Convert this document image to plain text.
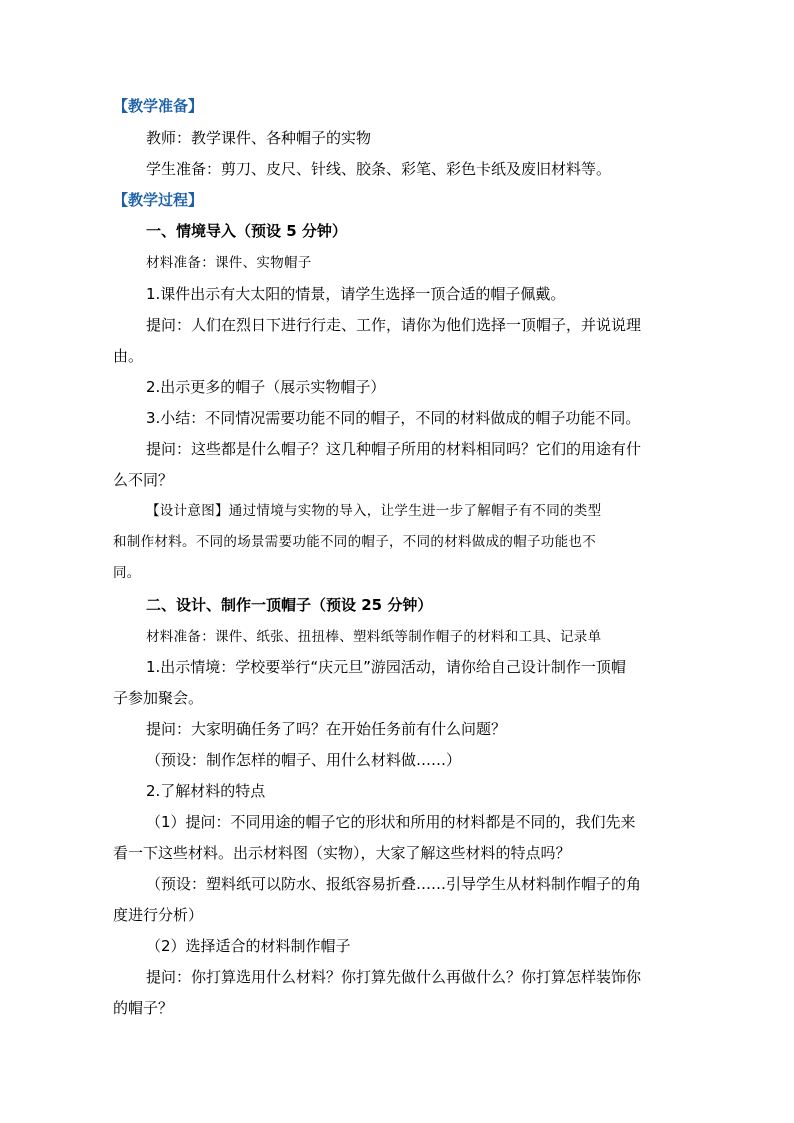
【教学准备】
教师：教学课件、各种帽子的实物
学生准备：剪刀、皮尺、针线、胶条、彩笔、彩色卡纸及废旧材料等。
【教学过程】
一、情境导入（预设 5 分钟）
材料准备：课件、实物帽子
1.课件出示有大太阳的情景，请学生选择一顶合适的帽子佩戴。
提问：人们在烈日下进行行走、工作，请你为他们选择一顶帽子，并说说理
由。
2.出示更多的帽子（展示实物帽子）
3.小结：不同情况需要功能不同的帽子，不同的材料做成的帽子功能不同。
提问：这些都是什么帽子？这几种帽子所用的材料相同吗？它们的用途有什
么不同？
【设计意图】通过情境与实物的导入，让学生进一步了解帽子有不同的类型
和制作材料。不同的场景需要功能不同的帽子，不同的材料做成的帽子功能也不
同。
二、设计、制作一顶帽子（预设 25 分钟）
材料准备：课件、纸张、扭扭棒、塑料纸等制作帽子的材料和工具、记录单
1.出示情境：学校要举行“庆元旦”游园活动，请你给自己设计制作一顶帽
子参加聚会。
提问：大家明确任务了吗？在开始任务前有什么问题？
（预设：制作怎样的帽子、用什么材料做……）
2.了解材料的特点
（1）提问：不同用途的帽子它的形状和所用的材料都是不同的，我们先来
看一下这些材料。出示材料图（实物），大家了解这些材料的特点吗？
（预设：塑料纸可以防水、报纸容易折叠……引导学生从材料制作帽子的角
度进行分析）
（2）选择适合的材料制作帽子
提问：你打算选用什么材料？你打算先做什么再做什么？你打算怎样装饰你
的帽子？
